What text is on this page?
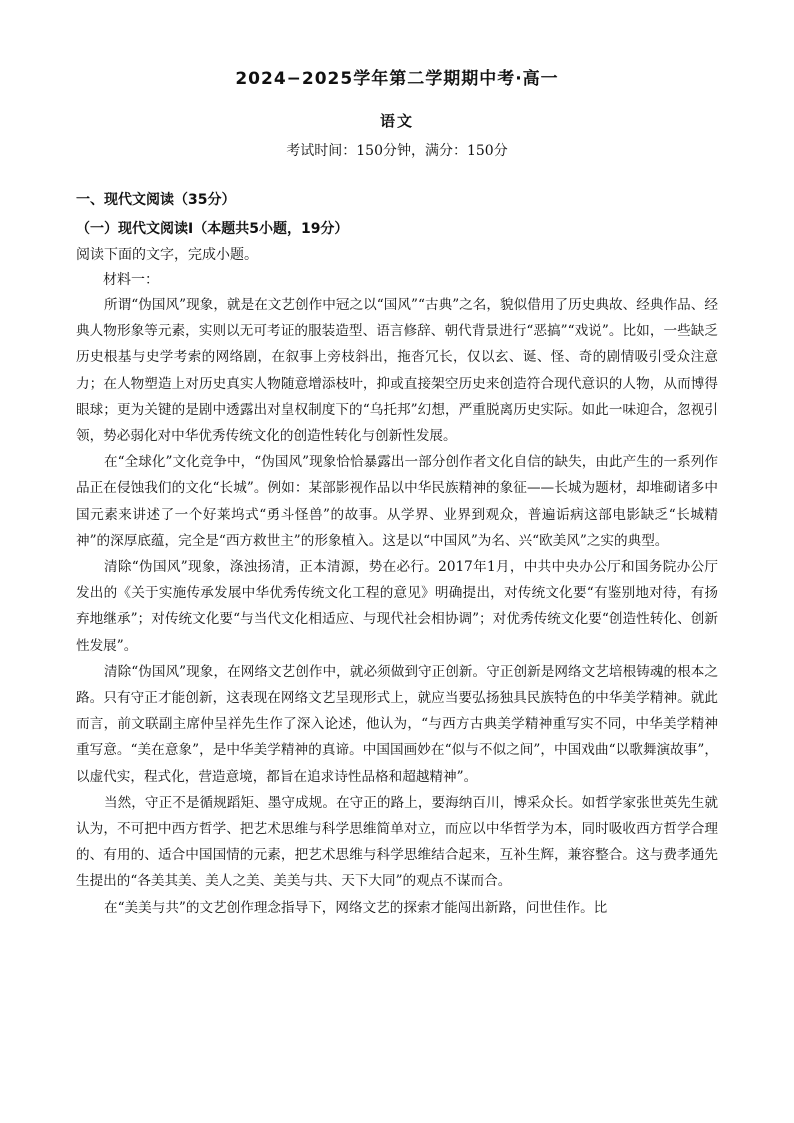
2024−2025学年第二学期期中考·高一
语文
考试时间：150分钟，满分：150分
一、现代文阅读（35分）
（一）现代文阅读Ⅰ（本题共5小题，19分）
阅读下面的文字，完成小题。
材料一：

所谓“伪国风”现象，就是在文艺创作中冠之以“国风”“古典”之名，貌似借用了历史典故、经典作品、经典人物形象等元素，实则以无可考证的服装造型、语言修辞、朝代背景进行“恶搞”“戏说”。比如，一些缺乏历史根基与史学考索的网络剧，在叙事上旁枝斜出，拖沓冗长，仅以玄、诞、怪、奇的剧情吸引受众注意力；在人物塑造上对历史真实人物随意增添枝叶，抑或直接架空历史来创造符合现代意识的人物，从而博得眼球；更为关键的是剧中透露出对皇权制度下的“乌托邦”幻想，严重脱离历史实际。如此一味迎合，忽视引领，势必弱化对中华优秀传统文化的创造性转化与创新性发展。

在“全球化”文化竞争中，“伪国风”现象恰恰暴露出一部分创作者文化自信的缺失，由此产生的一系列作品正在侵蚀我们的文化“长城”。例如：某部影视作品以中华民族精神的象征——长城为题材，却堆砌诸多中国元素来讲述了一个好莱坞式“勇斗怪兽”的故事。从学界、业界到观众，普遍诟病这部电影缺乏“长城精神”的深厚底蕴，完全是“西方救世主”的形象植入。这是以“中国风”为名、兴“欧美风”之实的典型。

清除“伪国风”现象，涤浊扬清，正本清源，势在必行。2017年1月，中共中央办公厅和国务院办公厅发出的《关于实施传承发展中华优秀传统文化工程的意见》明确提出，对传统文化要“有鉴别地对待，有扬弃地继承”；对传统文化要“与当代文化相适应、与现代社会相协调”；对优秀传统文化要“创造性转化、创新性发展”。

清除“伪国风”现象，在网络文艺创作中，就必须做到守正创新。守正创新是网络文艺培根铸魂的根本之路。只有守正才能创新，这表现在网络文艺呈现形式上，就应当要弘扬独具民族特色的中华美学精神。就此而言，前文联副主席仲呈祥先生作了深入论述，他认为，“与西方古典美学精神重写实不同，中华美学精神重写意。“美在意象”，是中华美学精神的真谛。中国国画妙在“似与不似之间”，中国戏曲“以歌舞演故事”，以虚代实，程式化，营造意境，都旨在追求诗性品格和超越精神”。

当然，守正不是循规蹈矩、墨守成规。在守正的路上，要海纳百川，博采众长。如哲学家张世英先生就认为，不可把中西方哲学、把艺术思维与科学思维简单对立，而应以中华哲学为本，同时吸收西方哲学合理的、有用的、适合中国国情的元素，把艺术思维与科学思维结合起来，互补生辉，兼容整合。这与费孝通先生提出的“各美其美、美人之美、美美与共、天下大同”的观点不谋而合。

在“美美与共”的文艺创作理念指导下，网络文艺的探索才能闯出新路，问世佳作。比
